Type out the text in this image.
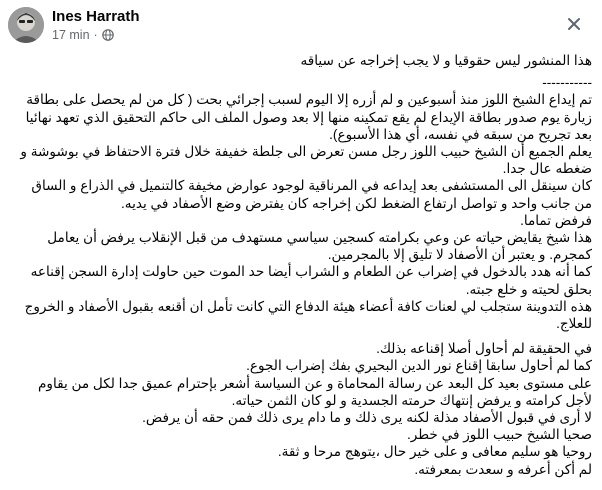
Ines Harrath
17 min ·

هذا المنشور ليس حقوقيا و لا يجب إخراجه عن سياقه

-----------

تم إيداع الشيخ اللوز منذ أسبوعين و لم أزره إلا اليوم لسبب إجرائي بحت ( كل من لم يحصل على بطاقة زيارة يوم صدور بطاقة الإيداع لم يقع تمكينه منها إلا بعد وصول الملف الى حاكم التحقيق الذي تعهد نهائيا بعد تجريح من سبقه في نفسه، أي هذا الأسبوع).

يعلم الجميع أن الشيخ حبيب اللوز رجل مسن تعرض الى جلطة خفيفة خلال فترة الاحتفاظ في بوشوشة و ضغطه عال جدا.

كان سينقل الى المستشفى بعد إيداعه في المرناقية لوجود عوارض مخيفة كالتنميل في الذراع و الساق من جانب واحد و تواصل ارتفاع الضغط لكن إخراجه كان يفترض وضع الأصفاد في يديه.

فرفض تماما.

هذا شيخ يقايض حياته عن وعي بكرامته كسجين سياسي مستهدف من قبل الإنقلاب يرفض أن يعامل كمجرم. و يعتبر أن الأصفاد لا تليق إلا بالمجرمين.

كما أنه هدد بالدخول في إضراب عن الطعام و الشراب أيضا حد الموت حين حاولت إدارة السجن إقناعه بحلق لحيته و خلع جبته.

هذه التدوينة ستجلب لي لعنات كافة أعضاء هيئة الدفاع التي كانت تأمل ان أقنعه بقبول الأصفاد و الخروج للعلاج.

في الحقيقة لم أحاول أصلا إقناعه بذلك.

كما لم أحاول سابقا إقناع نور الدين البحيري بفك إضراب الجوع.

على مستوى بعيد كل البعد عن رسالة المحاماة و عن السياسة أشعر بإحترام عميق جدا لكل من يقاوم لأجل كرامته و يرفض إنتهاك حرمته الجسدية و لو كان الثمن حياته.

لا أرى في قبول الأصفاد مذلة لكنه يرى ذلك و ما دام يرى ذلك فمن حقه أن يرفض.

صحيا الشيخ حبيب اللوز في خطر.

روحيا هو سليم معافى و على خير حال ،يتوهج مرحا و ثقة.

لم أكن أعرفه و سعدت بمعرفته.
